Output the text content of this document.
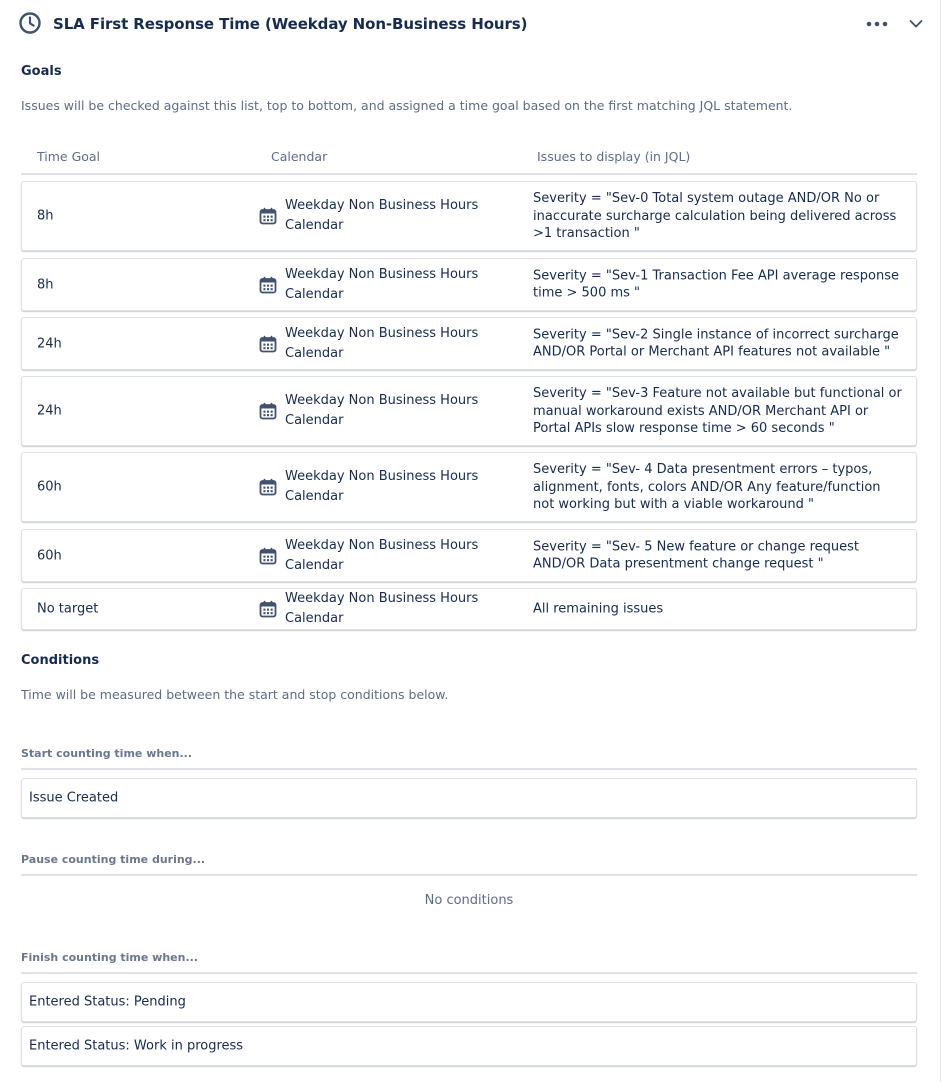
SLA First Response Time (Weekday Non-Business Hours)
Goals
Issues will be checked against this list, top to bottom, and assigned a time goal based on the first matching JQL statement.
Time Goal	Calendar	Issues to display (in JQL)
8h
Weekday Non Business Hours Calendar
Severity = "Sev-0 Total system outage AND/OR No or inaccurate surcharge calculation being delivered across >1 transaction "
8h
Weekday Non Business Hours Calendar
Severity = "Sev-1 Transaction Fee API average response time > 500 ms "
24h
Weekday Non Business Hours Calendar
Severity = "Sev-2 Single instance of incorrect surcharge AND/OR Portal or Merchant API features not available "
24h
Weekday Non Business Hours Calendar
Severity = "Sev-3 Feature not available but functional or manual workaround exists AND/OR Merchant API or Portal APIs slow response time > 60 seconds "
60h
Weekday Non Business Hours Calendar
Severity = "Sev- 4 Data presentment errors – typos, alignment, fonts, colors AND/OR Any feature/function not working but with a viable workaround "
60h
Weekday Non Business Hours Calendar
Severity = "Sev- 5 New feature or change request AND/OR Data presentment change request "
No target
Weekday Non Business Hours Calendar
All remaining issues
Conditions
Time will be measured between the start and stop conditions below.
Start counting time when...
Issue Created
Pause counting time during...
No conditions
Finish counting time when...
Entered Status: Pending
Entered Status: Work in progress
